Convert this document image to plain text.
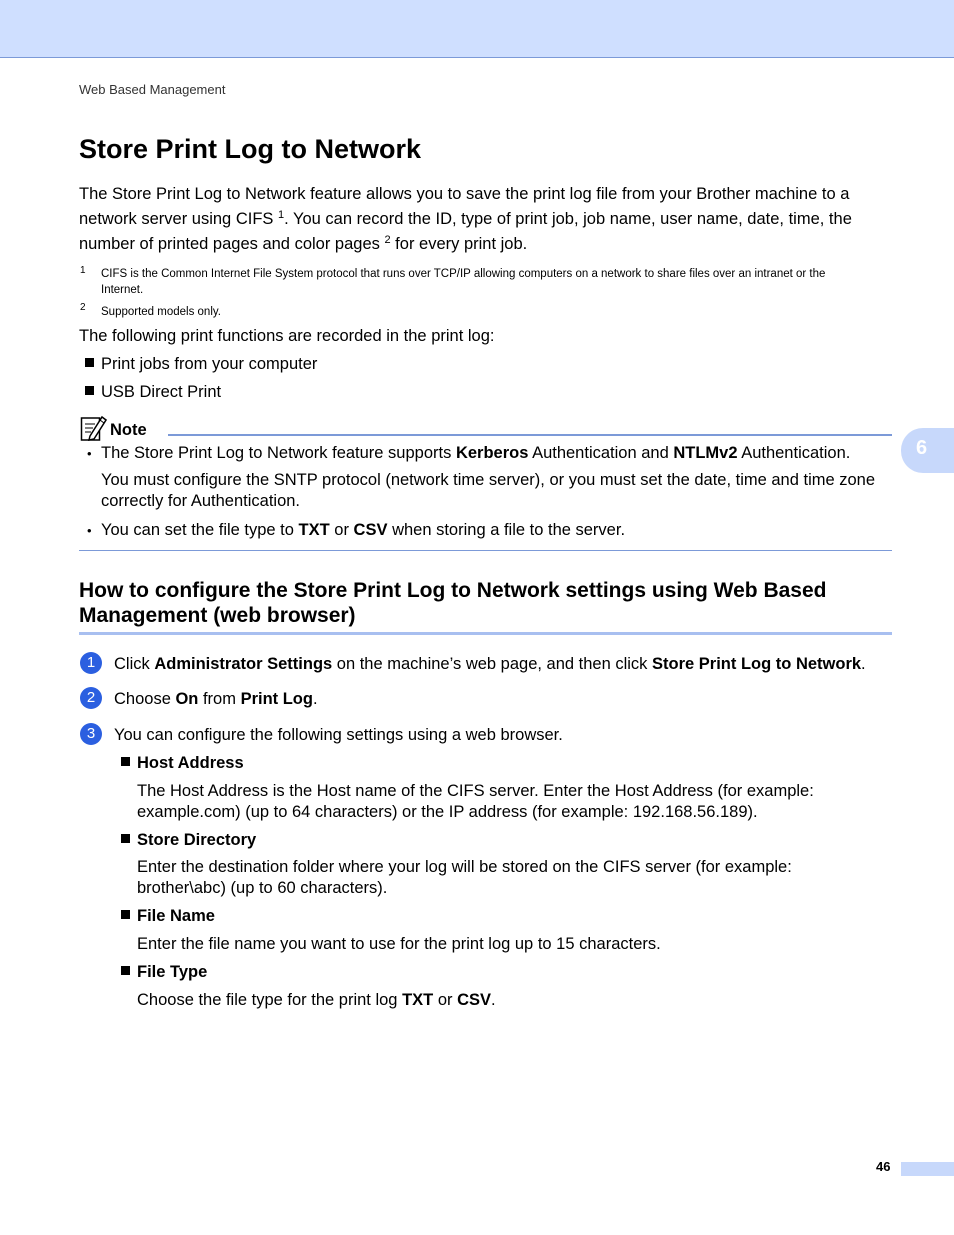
Web Based Management
6
Store Print Log to Network
The Store Print Log to Network feature allows you to save the print log file from your Brother machine to a
network server using CIFS $^1$. You can record the ID, type of print job, job name, user name, date, time, the
number of printed pages and color pages $^2$ for every print job.
1 CIFS is the Common Internet File System protocol that runs over TCP/IP allowing computers on a network to share files over an intranet or the
Internet.
2 Supported models only.
The following print functions are recorded in the print log:
Print jobs from your computer
USB Direct Print
Note
• The Store Print Log to Network feature supports Kerberos Authentication and NTLMv2 Authentication.
You must configure the SNTP protocol (network time server), or you must set the date, time and time zone
correctly for Authentication.
• You can set the file type to TXT or CSV when storing a file to the server.
How to configure the Store Print Log to Network settings using Web Based
Management (web browser)
1	Click Administrator Settings on the machine’s web page, and then click Store Print Log to Network.
2	Choose On from Print Log.
3	You can configure the following settings using a web browser.
Host Address
The Host Address is the Host name of the CIFS server. Enter the Host Address (for example:
example.com) (up to 64 characters) or the IP address (for example: 192.168.56.189).
Store Directory
Enter the destination folder where your log will be stored on the CIFS server (for example:
brother\abc) (up to 60 characters).
File Name
Enter the file name you want to use for the print log up to 15 characters.
File Type
Choose the file type for the print log TXT or CSV.
46
